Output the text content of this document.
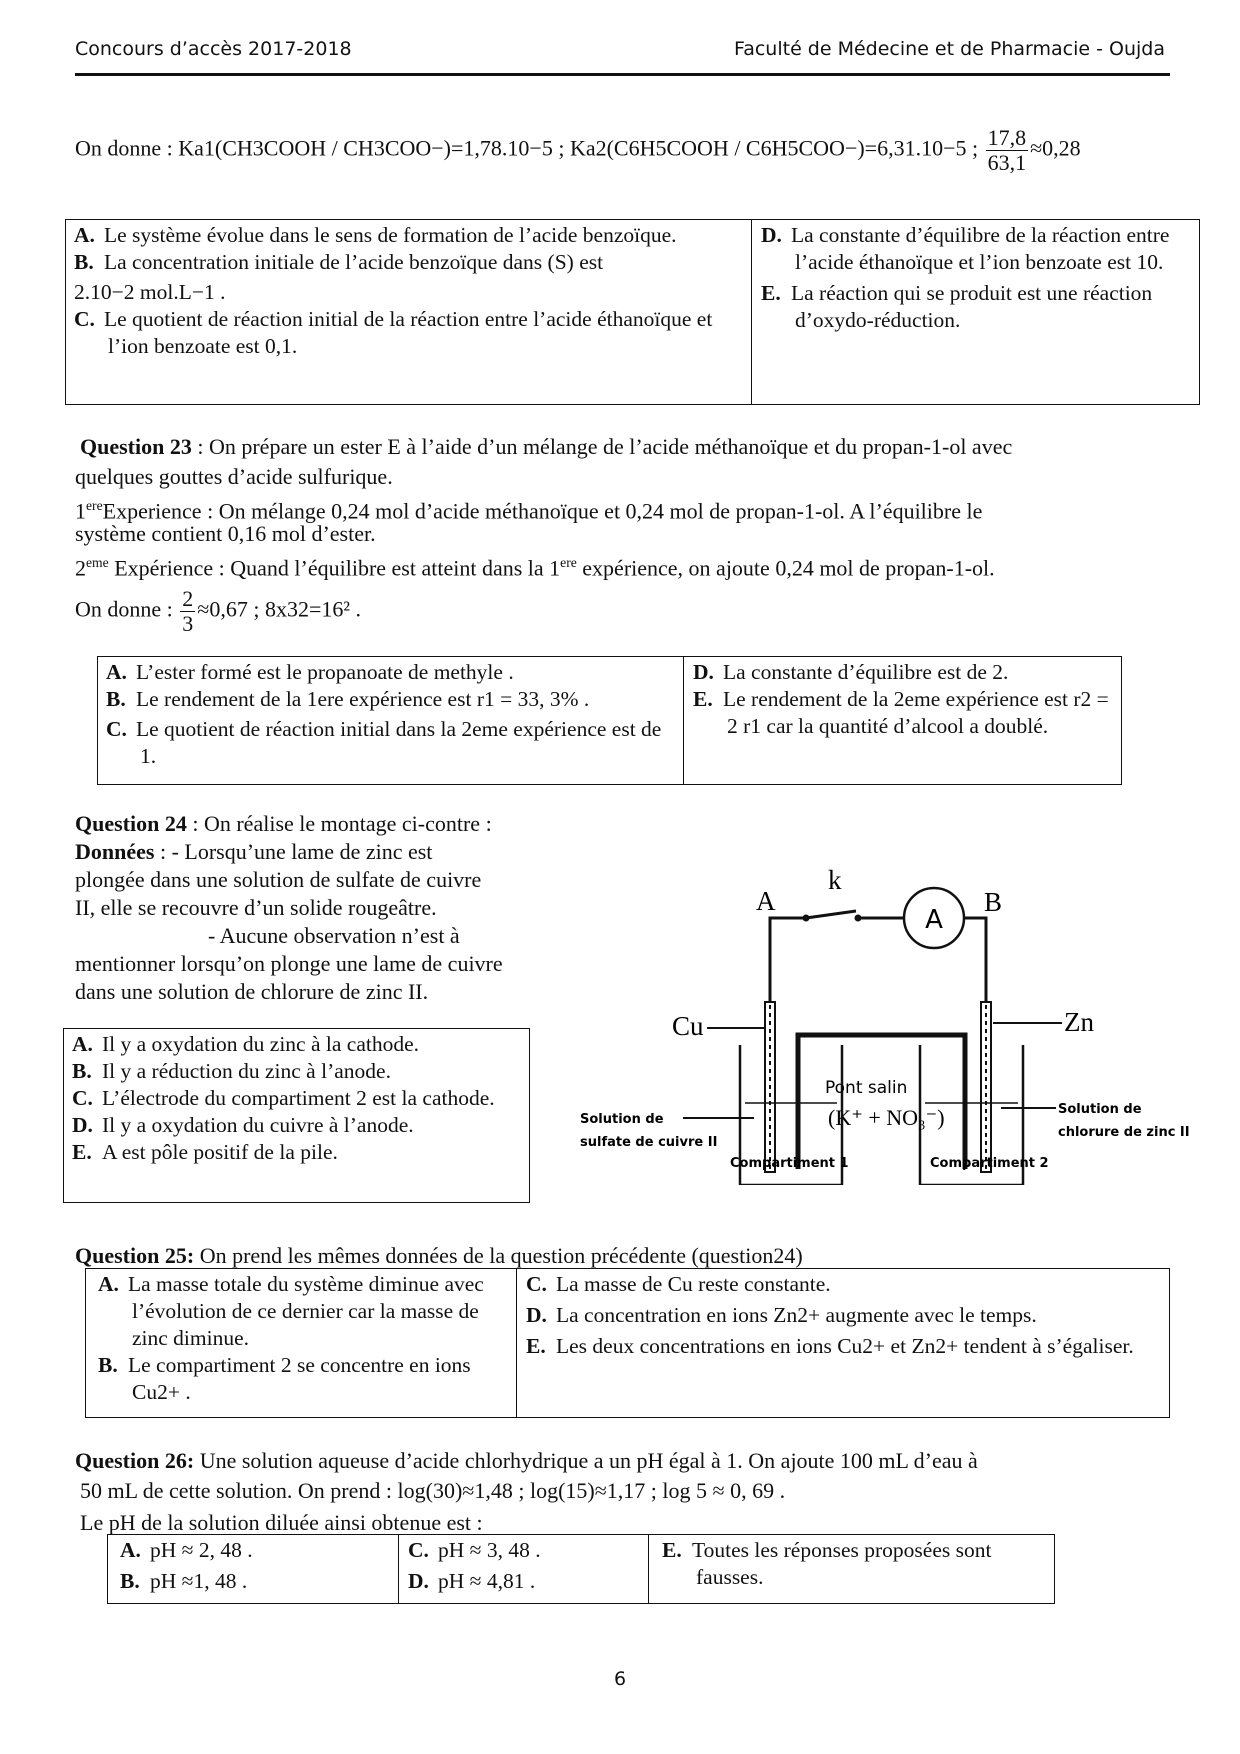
Concours d’accès 2017-2018	Faculté de Médecine et de Pharmacie - Oujda
On donne : Ka1(CH3COOH / CH3COO−)=1,78.10−5 ; Ka2(C6H5COOH / C6H5COO−)=6,31.10−5 ; $\frac{17,8}{63,1} \approx 0,28$
A. Le système évolue dans le sens de formation de l’acide benzoïque.
B. La concentration initiale de l’acide benzoïque dans (S) est
2.10−2 mol.L−1 .
C. Le quotient de réaction initial de la réaction entre l’acide éthanoïque et l’ion benzoate est 0,1.
D. La constante d’équilibre de la réaction entre l’acide éthanoïque et l’ion benzoate est 10.
E. La réaction qui se produit est une réaction d’oxydo-réduction.
Question 23 : On prépare un ester E à l’aide d’un mélange de l’acide méthanoïque et du propan-1-ol avec
quelques gouttes d’acide sulfurique.
1ereExperience : On mélange 0,24 mol d’acide méthanoïque et 0,24 mol de propan-1-ol. A l’équilibre le
système contient 0,16 mol d’ester.
2eme Expérience : Quand l’équilibre est atteint dans la 1ere expérience, on ajoute 0,24 mol de propan-1-ol.
On donne : $\frac{2}{3} \approx 0,67$ ; 8x32=16² .
A. L’ester formé est le propanoate de methyle .
B. Le rendement de la 1ere expérience est r1 = 33, 3% .
C. Le quotient de réaction initial dans la 2eme expérience est de 1.
D. La constante d’équilibre est de 2.
E. Le rendement de la 2eme expérience est r2 = 2 r1 car la quantité d’alcool a doublé.
Question 24 : On réalise le montage ci-contre :
Données : - Lorsqu’une lame de zinc est
plongée dans une solution de sulfate de cuivre
II, elle se recouvre d’un solide rougeâtre.
- Aucune observation n’est à
mentionner lorsqu’on plonge une lame de cuivre
dans une solution de chlorure de zinc II.
A. Il y a oxydation du zinc à la cathode.
B. Il y a réduction du zinc à l’anode.
C. L’électrode du compartiment 2 est la cathode.
D. Il y a oxydation du cuivre à l’anode.
E. A est pôle positif de la pile.
A
k
B
A
Cu	Zn
Pont salin
(K⁺ + NO₃⁻)
Solution de
sulfate de cuivre II
Solution de
chlorure de zinc II
Compartiment 1	Compartiment 2
Question 25: On prend les mêmes données de la question précédente (question24)
A. La masse totale du système diminue avec l’évolution de ce dernier car la masse de zinc diminue.
B. Le compartiment 2 se concentre en ions Cu2+ .
C. La masse de Cu reste constante.
D. La concentration en ions Zn2+ augmente avec le temps.
E. Les deux concentrations en ions Cu2+ et Zn2+ tendent à s’égaliser.
Question 26: Une solution aqueuse d’acide chlorhydrique a un pH égal à 1. On ajoute 100 mL d’eau à
50 mL de cette solution. On prend : log(30)≈1,48 ; log(15)≈1,17 ; log 5 ≈ 0, 69 .
Le pH de la solution diluée ainsi obtenue est :
A. pH ≈ 2, 48 .
B. pH ≈1, 48 .
C. pH ≈ 3, 48 .
D. pH ≈ 4,81 .
E. Toutes les réponses proposées sont fausses.
6
